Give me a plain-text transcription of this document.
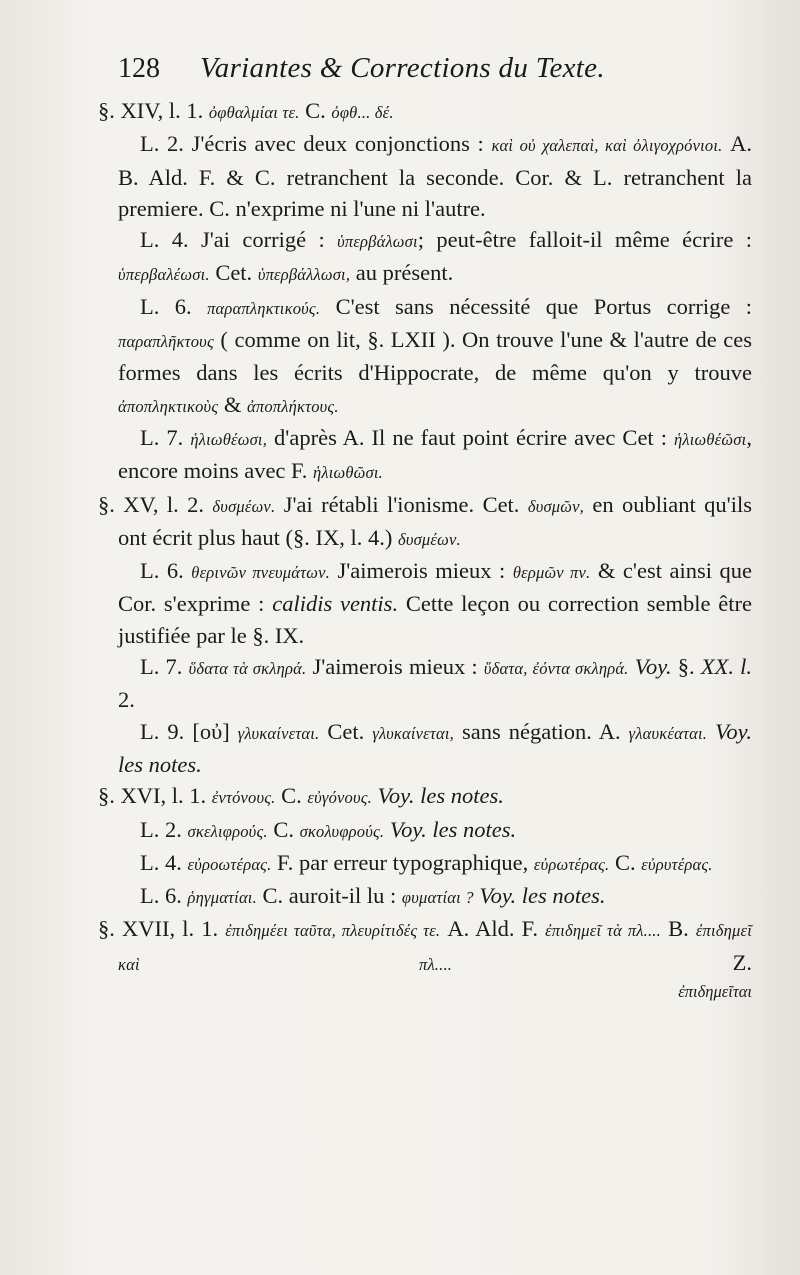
128 Variantes & Corrections du Texte.

§. XIV, l. 1. ὀφθαλμίαι τε. C. ὀφθ... δέ.

L. 2. J'écris avec deux conjonctions : καὶ οὐ χαλεπαὶ, καὶ ὀλιγοχρόνιοι. A. B. Ald. F. & C. retranchent la seconde. Cor. & L. retranchent la premiere. C. n'exprime ni l'une ni l'autre.

L. 4. J'ai corrigé : ὑπερβάλωσι; peut-être falloit-il même écrire : ὑπερβαλέωσι. Cet. ὑπερβάλλωσι, au présent.

L. 6. παραπληκτικούς. C'est sans nécessité que Portus corrige : παραπλῆκτους ( comme on lit, §. LXII ). On trouve l'une & l'autre de ces formes dans les écrits d'Hippocrate, de même qu'on y trouve ἀποπληκτικοὺς & ἀποπλήκτους.

L. 7. ἡλιωθέωσι, d'après A. Il ne faut point écrire avec Cet : ἡλιωθέῶσι, encore moins avec F. ἡλιωθῶσι.

§. XV, l. 2. δυσμέων. J'ai rétabli l'ionisme. Cet. δυσμῶν, en oubliant qu'ils ont écrit plus haut (§. IX, l. 4.) δυσμέων.

L. 6. θερινῶν πνευμάτων. J'aimerois mieux : θερμῶν πν. & c'est ainsi que Cor. s'exprime : calidis ventis. Cette leçon ou correction semble être justifiée par le §. IX.

L. 7. ὕδατα τὰ σκληρά. J'aimerois mieux : ὕδατα, ἐόντα σκληρά. Voy. §. XX. l. 2.

L. 9. [οὐ] γλυκαίνεται. Cet. γλυκαίνεται, sans négation. A. γλαυκέαται. Voy. les notes.

§. XVI, l. 1. ἐντόνους. C. εὐγόνους. Voy. les notes.

L. 2. σκελιφρούς. C. σκολυφρούς. Voy. les notes.

L. 4. εὐροωτέρας. F. par erreur typographique, εὐρωτέρας. C. εὐρυτέρας.

L. 6. ῥηγματίαι. C. auroit-il lu : φυματίαι ? Voy. les notes.

§. XVII, l. 1. ἐπιδημέει ταῦτα, πλευρίτιδές τε. A. Ald. F. ἐπιδημεῖ τὰ πλ.... B. ἐπιδημεῖ καὶ πλ.... Z.

ἐπιδημεῖται
